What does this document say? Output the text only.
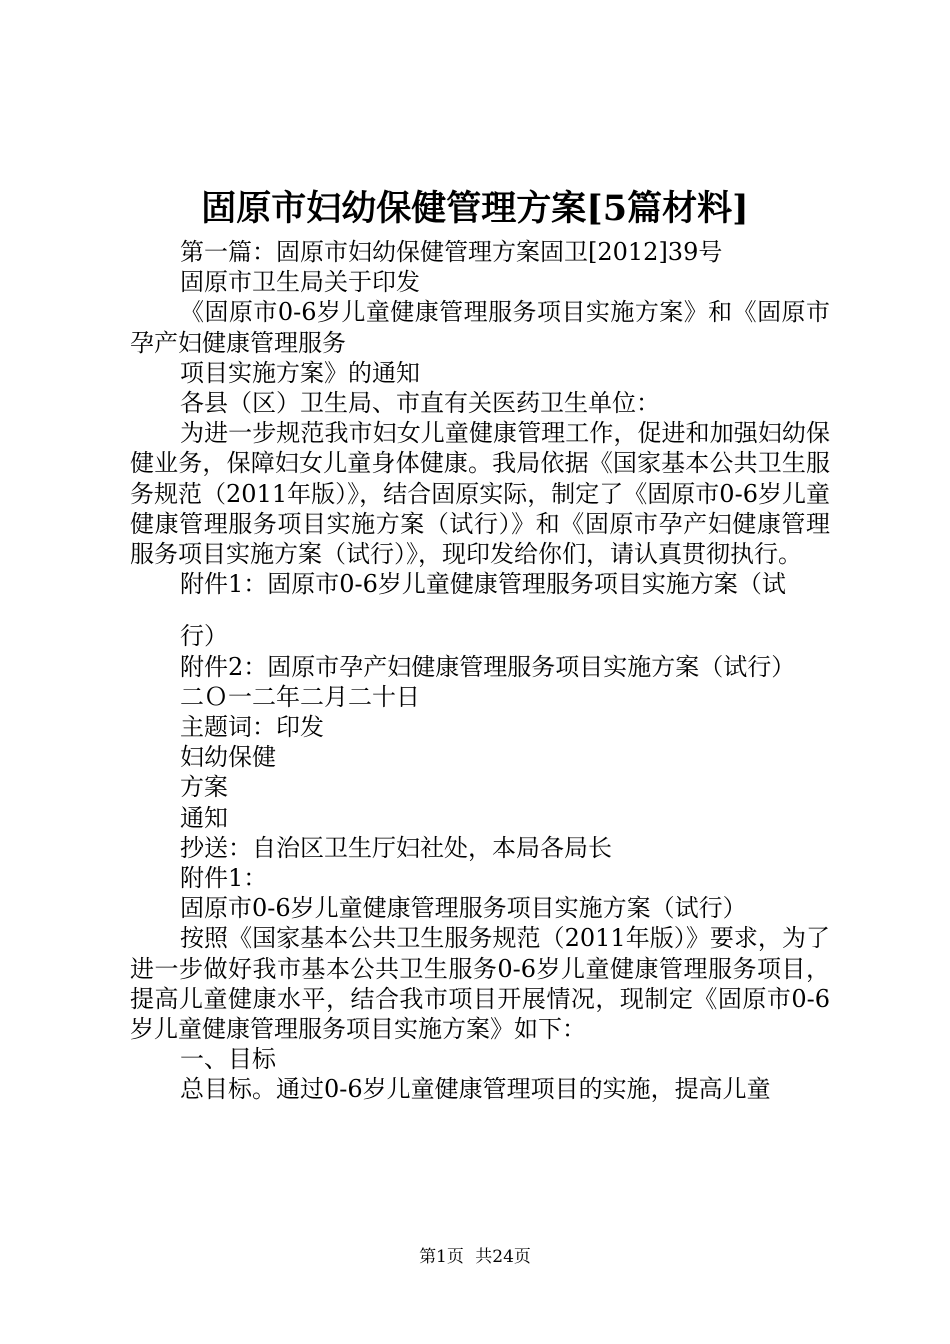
固原市妇幼保健管理方案[5篇材料]

第一篇：固原市妇幼保健管理方案固卫[2012]39号

固原市卫生局关于印发

《固原市0-6岁儿童健康管理服务项目实施方案》和《固原市孕产妇健康管理服务

项目实施方案》的通知

各县（区）卫生局、市直有关医药卫生单位：

为进一步规范我市妇女儿童健康管理工作，促进和加强妇幼保健业务，保障妇女儿童身体健康。我局依据《国家基本公共卫生服务规范（2011年版）》，结合固原实际，制定了《固原市0-6岁儿童健康管理服务项目实施方案（试行）》和《固原市孕产妇健康管理服务项目实施方案（试行）》，现印发给你们，请认真贯彻执行。

附件1：固原市0-6岁儿童健康管理服务项目实施方案（试

行）

附件2：固原市孕产妇健康管理服务项目实施方案（试行）

二Ｏ一二年二月二十日

主题词：印发

妇幼保健

方案

通知

抄送：自治区卫生厅妇社处，本局各局长

附件1：

固原市0-6岁儿童健康管理服务项目实施方案（试行）

按照《国家基本公共卫生服务规范（2011年版）》要求，为了进一步做好我市基本公共卫生服务0-6岁儿童健康管理服务项目，提高儿童健康水平，结合我市项目开展情况，现制定《固原市0-6岁儿童健康管理服务项目实施方案》如下：

一、目标

总目标。通过0-6岁儿童健康管理项目的实施，提高儿童

第1页 共24页
